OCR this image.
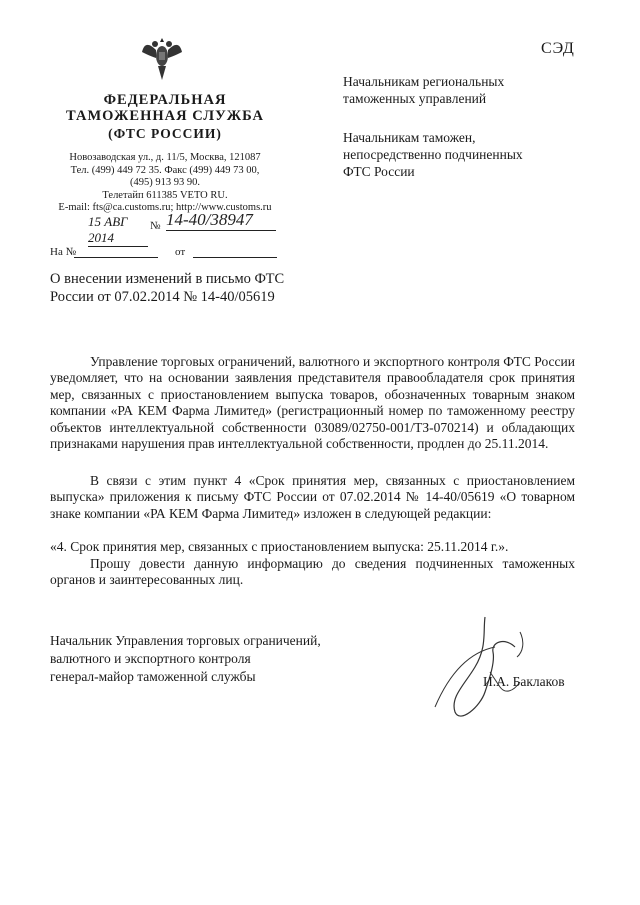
СЭД
ФЕДЕРАЛЬНАЯ
ТАМОЖЕННАЯ СЛУЖБА
(ФТС РОССИИ)
Новозаводская ул., д. 11/5, Москва, 121087
Тел. (499) 449 72 35. Факс (499) 449 73 00,
(495) 913 93 90.
Телетайп 611385 VETO RU.
E-mail: fts@ca.customs.ru; http://www.customs.ru
15 АВГ 2014
№ 14-40/38947
На №	от
Начальникам региональных
таможенных управлений
Начальникам таможен,
непосредственно подчиненных
ФТС России
О внесении изменений в письмо ФТС
России от 07.02.2014 № 14-40/05619
Управление торговых ограничений, валютного и экспортного контроля ФТС России уведомляет, что на основании заявления представителя правообладателя срок принятия мер, связанных с приостановлением выпуска товаров, обозначенных товарным знаком компании «РА КЕМ Фарма Лимитед» (регистрационный номер по таможенному реестру объектов интеллектуальной собственности 03089/02750-001/ТЗ-070214) и обладающих признаками нарушения прав интеллектуальной собственности, продлен до 25.11.2014.
В связи с этим пункт 4 «Срок принятия мер, связанных с приостановлением выпуска» приложения к письму ФТС России от 07.02.2014 № 14-40/05619 «О товарном знаке компании «РА КЕМ Фарма Лимитед» изложен в следующей редакции:
«4. Срок принятия мер, связанных с приостановлением выпуска: 25.11.2014 г.».
Прошу довести данную информацию до сведения подчиненных таможенных органов и заинтересованных лиц.
Начальник Управления торговых ограничений,
валютного и экспортного контроля
генерал-майор таможенной службы	И.А. Баклаков
